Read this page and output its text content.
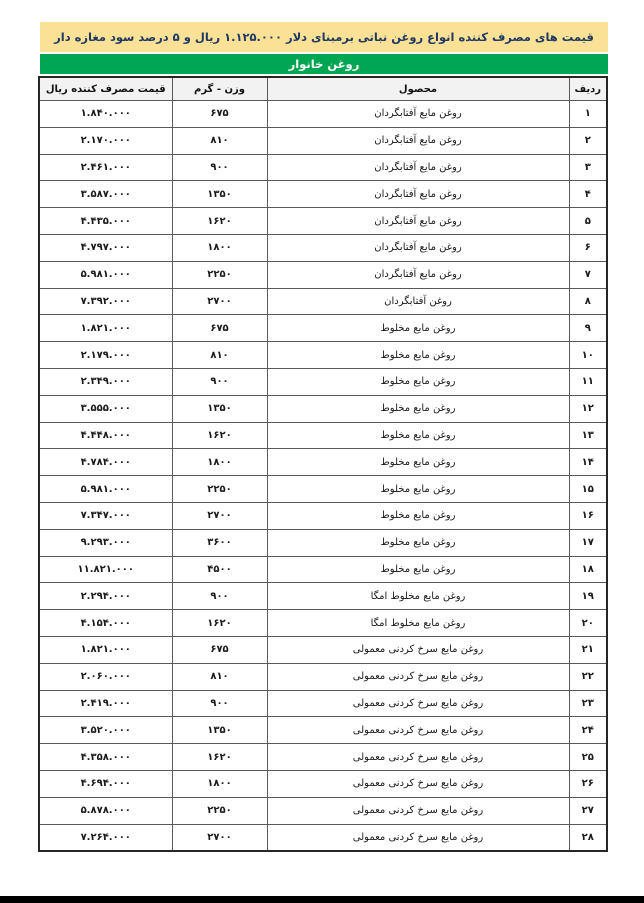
قیمت های مصرف کننده انواع روغن نباتی برمبنای دلار ۱.۱۲۵.۰۰۰ ریال و ۵ درصد سود مغازه دار
روغن خانوار
ردیف	محصول	وزن - گرم	قیمت مصرف کننده ریال
۱	روغن مایع آفتابگردان	۶۷۵	۱.۸۴۰.۰۰۰
۲	روغن مایع آفتابگردان	۸۱۰	۲.۱۷۰.۰۰۰
۳	روغن مایع آفتابگردان	۹۰۰	۲.۴۶۱.۰۰۰
۴	روغن مایع آفتابگردان	۱۳۵۰	۳.۵۸۷.۰۰۰
۵	روغن مایع آفتابگردان	۱۶۲۰	۴.۴۳۵.۰۰۰
۶	روغن مایع آفتابگردان	۱۸۰۰	۴.۷۹۷.۰۰۰
۷	روغن مایع آفتابگردان	۲۲۵۰	۵.۹۸۱.۰۰۰
۸	روغن آفتابگردان	۲۷۰۰	۷.۳۹۲.۰۰۰
۹	روغن مایع مخلوط	۶۷۵	۱.۸۲۱.۰۰۰
۱۰	روغن مایع مخلوط	۸۱۰	۲.۱۷۹.۰۰۰
۱۱	روغن مایع مخلوط	۹۰۰	۲.۳۴۹.۰۰۰
۱۲	روغن مایع مخلوط	۱۳۵۰	۳.۵۵۵.۰۰۰
۱۳	روغن مایع مخلوط	۱۶۲۰	۴.۴۴۸.۰۰۰
۱۴	روغن مایع مخلوط	۱۸۰۰	۴.۷۸۴.۰۰۰
۱۵	روغن مایع مخلوط	۲۲۵۰	۵.۹۸۱.۰۰۰
۱۶	روغن مایع مخلوط	۲۷۰۰	۷.۳۴۷.۰۰۰
۱۷	روغن مایع مخلوط	۳۶۰۰	۹.۲۹۳.۰۰۰
۱۸	روغن مایع مخلوط	۴۵۰۰	۱۱.۸۲۱.۰۰۰
۱۹	روغن مایع مخلوط امگا	۹۰۰	۲.۲۹۴.۰۰۰
۲۰	روغن مایع مخلوط امگا	۱۶۲۰	۴.۱۵۴.۰۰۰
۲۱	روغن مایع سرخ کردنی معمولی	۶۷۵	۱.۸۲۱.۰۰۰
۲۲	روغن مایع سرخ کردنی معمولی	۸۱۰	۲.۰۶۰.۰۰۰
۲۳	روغن مایع سرخ کردنی معمولی	۹۰۰	۲.۴۱۹.۰۰۰
۲۴	روغن مایع سرخ کردنی معمولی	۱۳۵۰	۳.۵۲۰.۰۰۰
۲۵	روغن مایع سرخ کردنی معمولی	۱۶۲۰	۴.۳۵۸.۰۰۰
۲۶	روغن مایع سرخ کردنی معمولی	۱۸۰۰	۴.۶۹۴.۰۰۰
۲۷	روغن مایع سرخ کردنی معمولی	۲۲۵۰	۵.۸۷۸.۰۰۰
۲۸	روغن مایع سرخ کردنی معمولی	۲۷۰۰	۷.۲۶۴.۰۰۰
